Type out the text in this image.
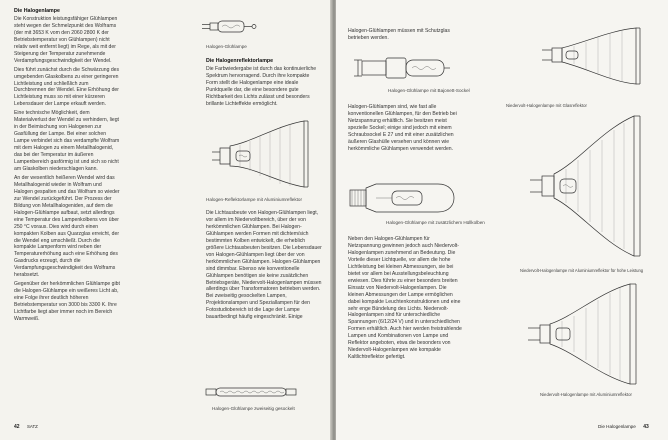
Die Halogenlampe

Die Konstruktion leistungsfähiger Glühlampen steht wegen der Schmelzpunkt des Wolframs (der mit 3653 K vom den 2060 2800 K der Betriebstemperatur von Glühlampen) nicht relativ weit entfernt liegt) im Rege, als mit der Steigerung der Temperatur zunehmende Verdampfungsgeschwindigkeit der Wendel.

Dies führt zunächst durch die Schwärzung des umgebenden Glaskolbens zu einer geringeren Lichtleistung und schließlich zum Durchbrennen der Wendel. Eine Erhöhung der Lichtleistung muss so mit einer kürzeren Lebensdauer der Lampe erkauft werden.

Eine technische Möglichkeit, dem Materialverlust der Wendel zu verhindern, liegt in der Beimischung von Halogenen zur Gasfüllung der Lampe. Bei einer solchen Lampe verbindet sich das verdampfte Wolfram mit dem Halogen zu einem Metallhalogenid, das bei der Temperatur im äußeren Lampenbereich gasförmig ist und sich so nicht am Glaskolben niederschlagen kann.

An der wesentlich heißeren Wendel wird das Metallhalogenid wieder in Wolfram und Halogen gespalten und das Wolfram so wieder zur Wendel zurückgeführt. Der Prozess der Bildung von Metallhalogeniden, auf dem die Halogen-Glühlampe aufbaut, setzt allerdings eine Temperatur des Lampenkolbens von über 250 °C voraus. Dies wird durch einen kompakten Kolben aus Quarzglas erreicht, der die Wendel eng umschließt. Durch die kompakte Lampenform wird neben der Temperaturerhöhung auch eine Erhöhung des Gasdrucks erzeugt, durch die Verdampfungsgeschwindigkeit des Wolframs herabsetzt.

Gegenüber der herkömmlichen Glühlampe gibt die Halogen-Glühlampe ein weißeres Licht ab, eine Folge ihrer deutlich höheren Betriebstemperatur von 3000 bis 3300 K. Ihre Lichtfarbe liegt aber immer noch im Bereich Warmweiß.

Halogen-Glühlampe
Die Halogenreflektorlampe

Die Farbwiedergabe ist durch das kontinuierliche Spektrum hervorragend. Durch ihre kompakte Form stellt die Halogenlampe eine ideale Punktquelle dar, die eine besondere gute Richtbarkeit des Lichts zulässt und besonders brillante Lichteffekte ermöglicht.

Halogen-Reflektorlampe mit Aluminiumreflektor

Die Lichtausbeute von Halogen-Glühlampen liegt, vor allem im Niedervoltbereich, über der von herkömmlichen Glühlampen. Bei Halogen-Glühlampen werden Formen mit dichtem/sich bestimmten Kolben entwickelt, die erheblich größere Lichtausbeuten besitzen. Die Lebensdauer von Halogen-Glühlampen liegt über der von herkömmlichen Glühlampen. Halogen-Glühlampen sind dimmbar. Ebenso wie konventionelle Glühlampen benötigen sie keine zusätzlichen Betriebsgeräte, Niedervolt-Halogenlampen müssen allerdings über Transformatoren betrieben werden. Bei zweiseitig gesockelten Lampen, Projektionslampen und Speziallampen für den Fotostudiobereich ist die Lage der Lampe bauartbedingt häufig eingeschränkt. Einige

Halogen-Glühlampe zweiseitig gesockelt
42 SATZ

Halogen-Glühlampen müssen mit Schutzglas betrieben werden.

Halogen-Glühlampe mit Bajonett-Sockel

Halogen-Glühlampen sind, wie fast alle konventionellen Glühlampen, für den Betrieb bei Netzspannung erhältlich. Sie besitzen meist spezielle Sockel; einige sind jedoch mit einem Schraubsockel E 27 und mit einer zusätzlichen äußeren Glashülle versehen und können wie herkömmliche Glühlampen verwendet werden.

Halogen-Glühlampe mit zusätzlichem Hüllkolben

Neben den Halogen-Glühlampen für Netzspannung gewinnen jedoch auch Niedervolt-Halogenlampen zunehmend an Bedeutung. Die Vorteile dieser Lichtquelle, vor allem die hohe Lichtleistung bei kleinen Abmessungen, sie bei bietet vor allem bei Ausstellungsbeleuchtung erwiesen. Dies führte zu einer besonders breiten Einsatz von Niedervolt-Halogenlampen. Die kleinen Abmessungen der Lampe ermöglichen dabei kompakte Leuchtenkonstruktionen und eine sehr enge Bündelung des Lichts. Niedervolt-Halogenlampen sind für unterschiedliche Spannungen (6/12/24 V) und in unterschiedlichen Formen erhältlich. Auch hier werden freistrahlende Lampen und Kombinationen von Lampe und Reflektor angeboten, etwa die besonders von Niedervolt-Halogenlampen wie kompakte Kaltlichtreflektor gefertigt.

Niedervolt-Halogenlampe mit Glasreflektor
Niedervolt-Halogenlampe mit Aluminiumreflektor für hohe Leistung
Niedervolt-Halogenlampe mit Aluminiumreflektor
Die Halogenlampe 43
